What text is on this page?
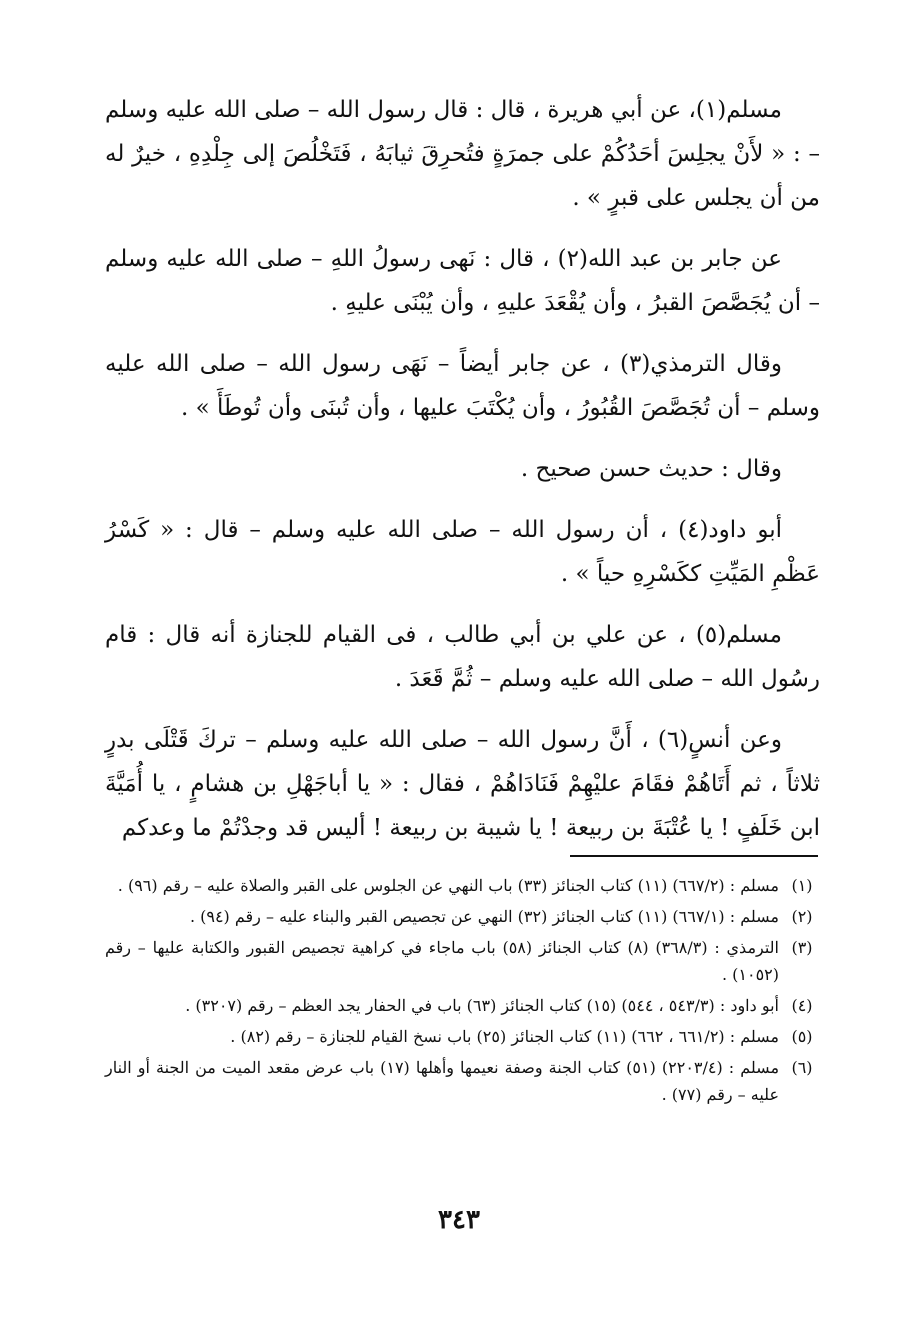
مسلم(١)، عن أبي هريرة ، قال : قال رسول الله – صلى الله عليه وسلم – : « لأَنْ يجلِسَ أحَدُكُمْ على جمرَةٍ فتُحرِقَ ثيابَهُ ، فَتَخْلُصَ إلى جِلْدِهِ ، خيرٌ له من أن يجلس على قبرٍ » .

عن جابر بن عبد الله(٢) ، قال : نَهى رسولُ اللهِ – صلى الله عليه وسلم – أن يُجَصَّصَ القبرُ ، وأن يُقْعَدَ عليهِ ، وأن يُبْنَى عليهِ .

وقال الترمذي(٣) ، عن جابر أيضاً – نَهَى رسول الله – صلى الله عليه وسلم – أن تُجَصَّصَ القُبُورُ ، وأن يُكْتَبَ عليها ، وأن تُبنَى وأن تُوطَأَ » .

وقال : حديث حسن صحيح .

أبو داود(٤) ، أن رسول الله – صلى الله عليه وسلم – قال : « كَسْرُ عَظْمِ المَيِّتِ ككَسْرِهِ حياً » .

مسلم(٥) ، عن علي بن أبي طالب ، فى القيام للجنازة أنه قال : قام رسُول الله – صلى الله عليه وسلم – ثُمَّ قَعَدَ .

وعن أنسٍ(٦) ، أَنَّ رسول الله – صلى الله عليه وسلم – تركَ قَتْلَى بدرٍ ثلاثاً ، ثم أَتَاهُمْ فقَامَ عليْهِمْ فَنَادَاهُمْ ، فقال : « يا أباجَهْلِ بن هشامٍ ، يا أُمَيَّةَ ابن خَلَفٍ ! يا عُتْبَةَ بن ربيعة ! يا شيبة بن ربيعة ! أليس قد وجدْتُمْ ما وعدكم

(١)
مسلم : (٦٦٧/٢) (١١) كتاب الجنائز (٣٣) باب النهي عن الجلوس على القبر والصلاة عليه – رقم (٩٦) .
(٢)
مسلم : (٦٦٧/١) (١١) كتاب الجنائز (٣٢) النهي عن تجصيص القبر والبناء عليه – رقم (٩٤) .
(٣)
الترمذي : (٣٦٨/٣) (٨) كتاب الجنائز (٥٨) باب ماجاء في كراهية تجصيص القبور والكتابة عليها – رقم (١٠٥٢) .
(٤)
أبو داود : (٥٤٣/٣ ، ٥٤٤) (١٥) كتاب الجنائز (٦٣) باب في الحفار يجد العظم – رقم (٣٢٠٧) .
(٥)
مسلم : (٦٦١/٢ ، ٦٦٢) (١١) كتاب الجنائز (٢٥) باب نسخ القيام للجنازة – رقم (٨٢) .
(٦)
مسلم : (٢٢٠٣/٤) (٥١) كتاب الجنة وصفة نعيمها وأهلها (١٧) باب عرض مقعد الميت من الجنة أو النار عليه – رقم (٧٧) .
٣٤٣
